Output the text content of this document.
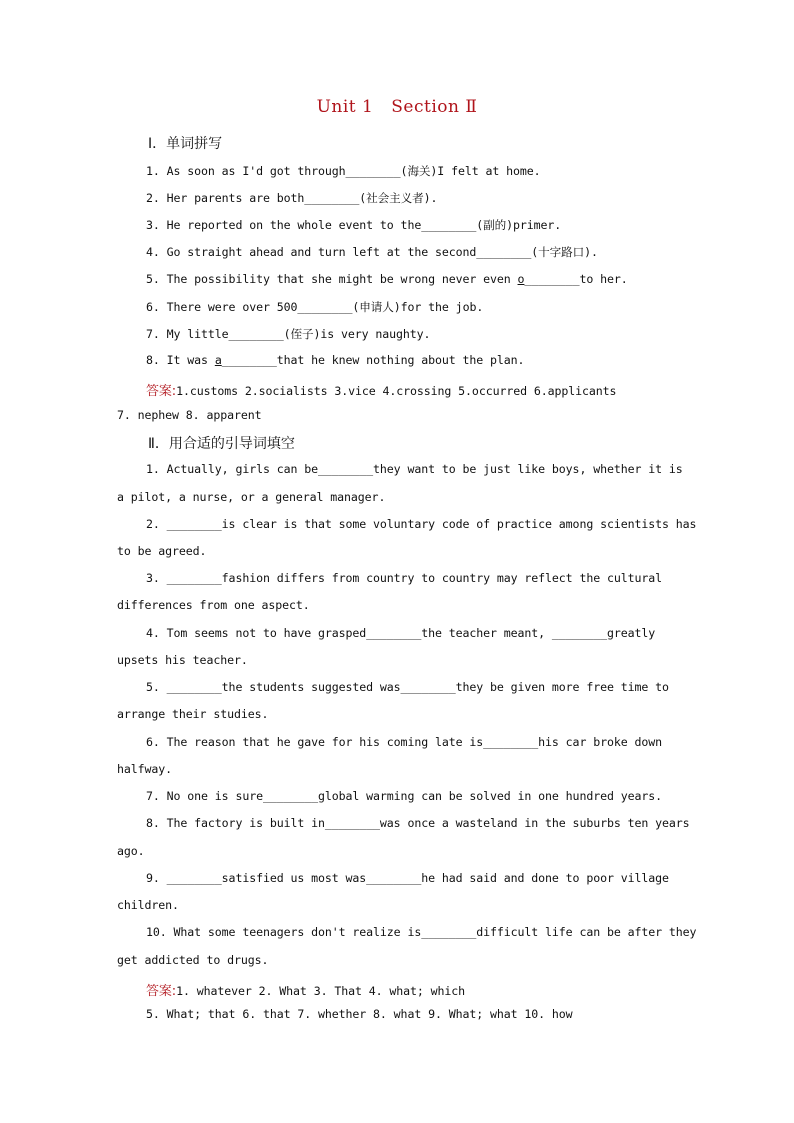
Unit 1 Section Ⅱ
Ⅰ．单词拼写
1. As soon as I'd got through________(海关)I felt at home.
2. Her parents are both________(社会主义者).
3. He reported on the whole event to the________(副的)primer.
4. Go straight ahead and turn left at the second________(十字路口).
5. The possibility that she might be wrong never even o________to her.
6. There were over 500________(申请人)for the job.
7. My little________(侄子)is very naughty.
8. It was a________that he knew nothing about the plan.
答案:1.customs 2.socialists 3.vice 4.crossing 5.occurred 6.applicants
7. nephew 8. apparent
Ⅱ．用合适的引导词填空
1. Actually, girls can be________they want to be just like boys, whether it is
a pilot, a nurse, or a general manager.
2. ________is clear is that some voluntary code of practice among scientists has
to be agreed.
3. ________fashion differs from country to country may reflect the cultural
differences from one aspect.
4. Tom seems not to have grasped________the teacher meant, ________greatly
upsets his teacher.
5. ________the students suggested was________they be given more free time to
arrange their studies.
6. The reason that he gave for his coming late is________his car broke down
halfway.
7. No one is sure________global warming can be solved in one hundred years.
8. The factory is built in________was once a wasteland in the suburbs ten years
ago.
9. ________satisfied us most was________he had said and done to poor village
children.
10. What some teenagers don't realize is________difficult life can be after they
get addicted to drugs.
答案:1. whatever 2. What 3. That 4. what; which
5. What; that 6. that 7. whether 8. what 9. What; what 10. how
